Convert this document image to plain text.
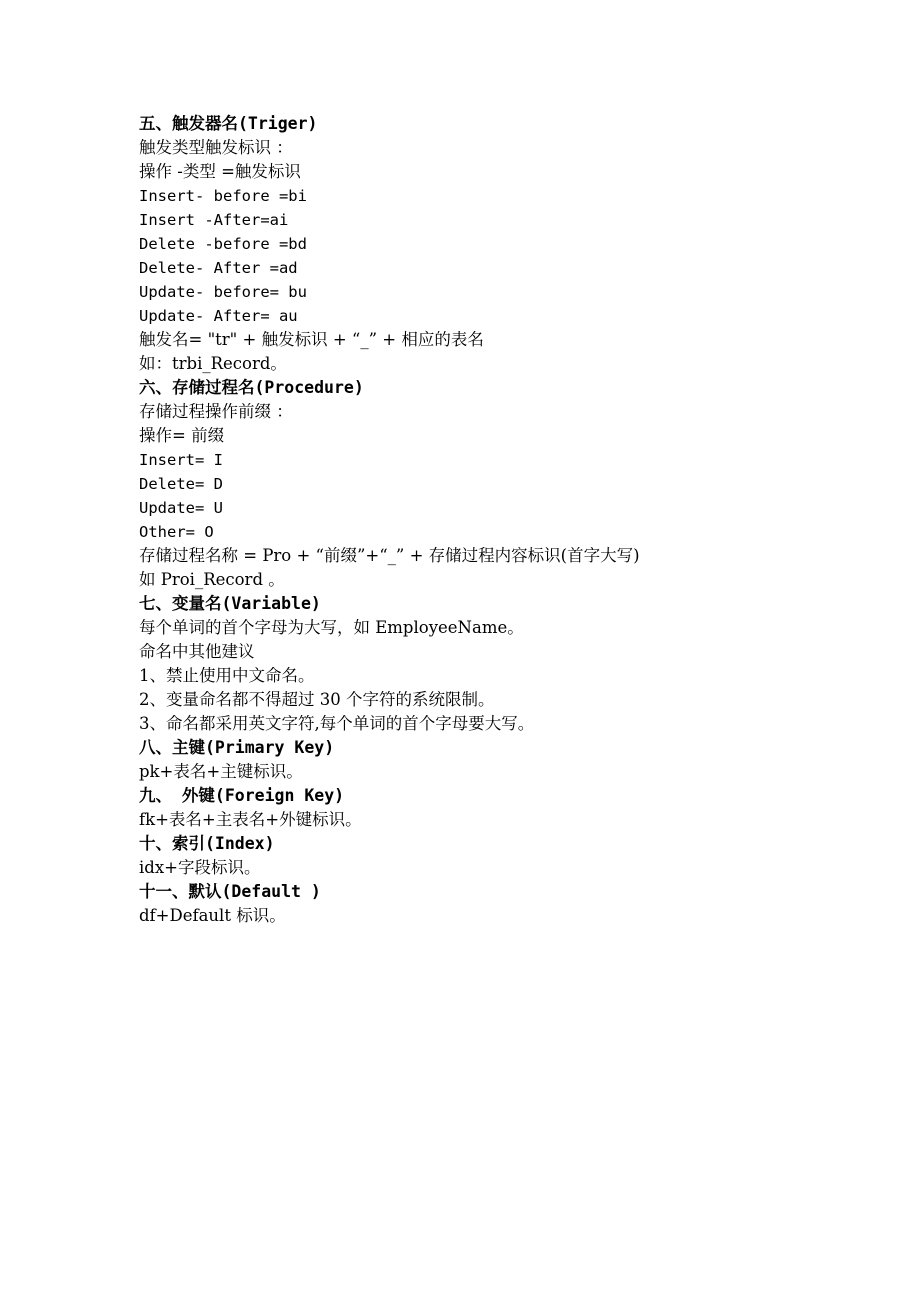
五、触发器名(Triger)
触发类型触发标识 ：
操作 -类型 =触发标识
Insert- before =bi
Insert -After=ai
Delete -before =bd
Delete- After =ad
Update- before= bu
Update- After= au
触发名= "tr" + 触发标识 + “_” + 相应的表名
如：trbi_Record。
六、存储过程名(Procedure)
存储过程操作前缀 ：
操作= 前缀
Insert= I
Delete= D
Update= U
Other= O
存储过程名称 = Pro + “前缀”+“_” + 存储过程内容标识(首字大写)
如 Proi_Record 。
七、变量名(Variable)
每个单词的首个字母为大写，如 EmployeeName。
命名中其他建议
1、禁止使用中文命名。
2、变量命名都不得超过 30 个字符的系统限制。
3、命名都采用英文字符,每个单词的首个字母要大写。
八、主键(Primary Key)
pk+表名+主键标识。
九、 外键(Foreign Key)
fk+表名+主表名+外键标识。
十、索引(Index)
idx+字段标识。
十一、默认(Default )
df+Default 标识。
